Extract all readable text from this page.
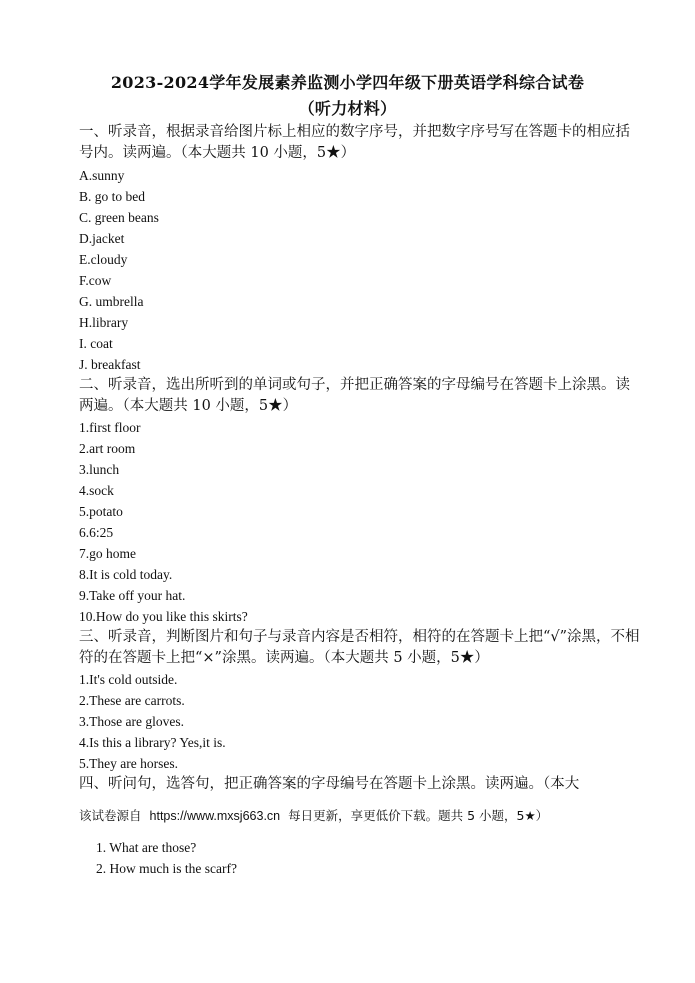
2023-2024学年发展素养监测小学四年级下册英语学科综合试卷
（听力材料）
一、听录音，根据录音给图片标上相应的数字序号，并把数字序号写在答题卡的相应括号内。读两遍。（本大题共 10 小题，5★）
A.sunny
B. go to bed
C. green beans
D.jacket
E.cloudy
F.cow
G. umbrella
H.library
I. coat
J. breakfast
二、听录音，选出所听到的单词或句子，并把正确答案的字母编号在答题卡上涂黑。读两遍。（本大题共 10 小题，5★）
1.first floor
2.art room
3.lunch
4.sock
5.potato
6.6:25
7.go home
8.It is cold today.
9.Take off your hat.
10.How do you like this skirts?
三、听录音，判断图片和句子与录音内容是否相符，相符的在答题卡上把“√”涂黑，不相符的在答题卡上把“×”涂黑。读两遍。（本大题共 5 小题，5★）
1.It's cold outside.
2.These are carrots.
3.Those are gloves.
4.Is this a library? Yes,it is.
5.They are horses.
四、听问句，选答句，把正确答案的字母编号在答题卡上涂黑。读两遍。（本大
该试卷源自 https://www.mxsj663.cn 每日更新，享更低价下载。题共 5 小题，5★）
1. What are those?
2. How much is the scarf?
